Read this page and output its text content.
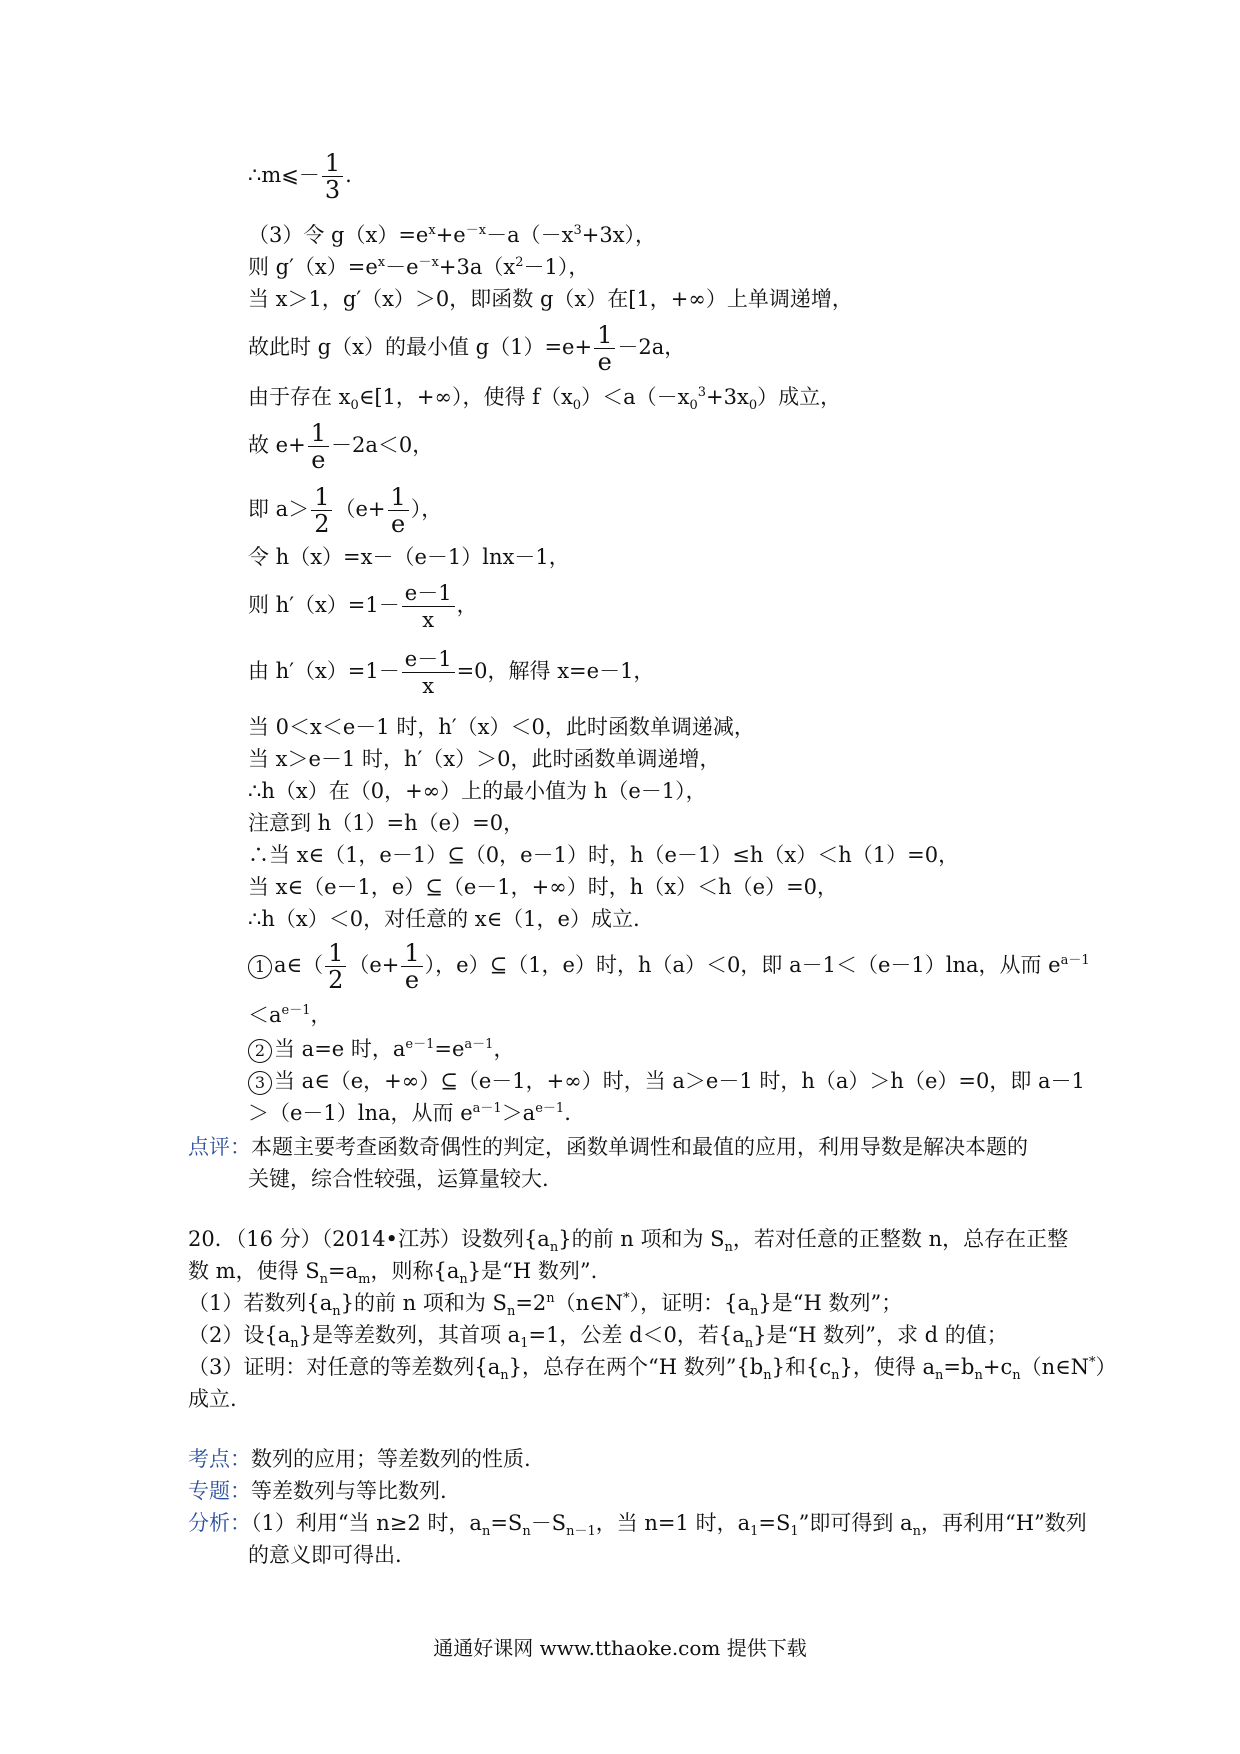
∴m⩽－ $\frac{1}{3}$ .
（3）令 $g(x)=e^x+e^{-x}-a(-x^3+3x)$，
则 $g'(x)=e^x-e^{-x}+3a(x^2-1)$，
当 x＞1，g′（x）＞0，即函数 g（x）在[1，+∞）上单调递增，
故此时 g（x）的最小值 $g(1)=e+ \frac{1}{e} -2a$，
由于存在 $x_0\in[1$，+∞），使得 $f(x_0)<a(-x_0^3+3x_0)$成立，
故 $e+ \frac{1}{e} -2a<0$，
即 $a> \frac{1}{2} (e+ \frac{1}{e}$ ），
令 h（x）=x－（e－1）lnx－1，
则 $h'(x)=1- \frac{e-1}{x}$ ，
由 $h'(x)=1- \frac{e-1}{x} =0$，解得 x=e－1，
当 0＜x＜e－1 时，h′（x）＜0，此时函数单调递减，
当 x＞e－1 时，h′（x）＞0，此时函数单调递增，
∴h（x）在（0，+∞）上的最小值为 h（e－1），
注意到 h（1）=h（e）=0，
∴当 x∈（1，e－1）⊆（0，e－1）时，h（e－1）≤h（x）＜h（1）=0，
当 x∈（e－1，e）⊆（e－1，+∞）时，h（x）＜h（e）=0，
∴h（x）＜0，对任意的 x∈（1，e）成立.
1 a∈（ $\frac{1}{2} (e+ \frac{1}{e}$ ），e）⊆（1，e）时，h（a）＜0，即 a－1＜（e－1）lna，从而 $e^{a-1}$
$<a^{e-1}$，
2 当 a=e 时，$a^{e-1}=e^{a-1}$，
3 当 a∈（e，+∞）⊆（e－1，+∞）时，当 a＞e－1 时，h（a）＞h（e）=0，即 a－1
＞（e－1）lna，从而 $e^{a-1}>a^{e-1}$.
点评：本题主要考查函数奇偶性的判定，函数单调性和最值的应用，利用导数是解决本题的
关键，综合性较强，运算量较大.
20．（16 分）（2014•江苏）设数列$\{a_n\}$的前 n 项和为 $S_n$，若对任意的正整数 n，总存在正整
数 m，使得 $S_n=a_m$，则称$\{a_n\}$是“H 数列”.
（1）若数列$\{a_n\}$的前 n 项和为 $S_n=2^n(n\in N^*)$，证明：$\{a_n\}$是“H 数列”；
（2）设$\{a_n\}$是等差数列，其首项 $a_1=1$，公差 d＜0，若$\{a_n\}$是“H 数列”，求 d 的值；
（3）证明：对任意的等差数列$\{a_n\}$，总存在两个“H 数列$”\{b_n\}$和$\{c_n\}$，使得 $a_n=b_n+c_n(n\in N^*)$
成立.
考点：数列的应用；等差数列的性质.
专题：等差数列与等比数列.
分析：（1）利用“当 n≥2 时，$a_n=S_n-S_{n-1}$，当 n=1 时，$a_1=S_1$”即可得到 $a_n$，再利用“H”数列
的意义即可得出.
通通好课网 www.tthaoke.com 提供下载
